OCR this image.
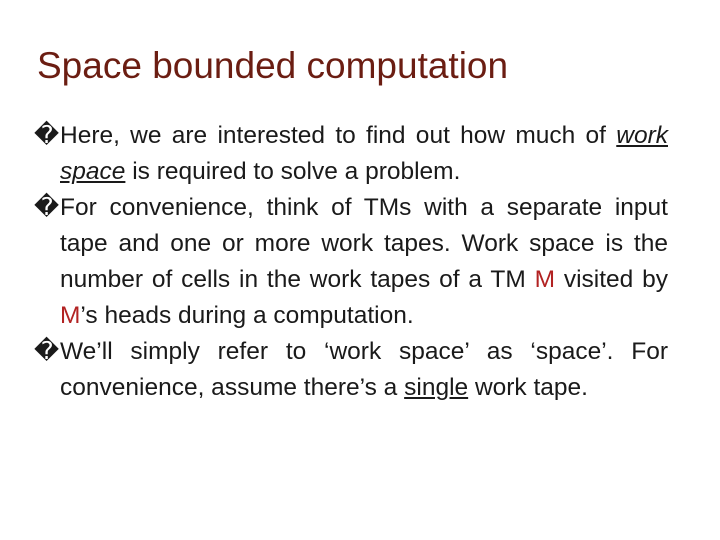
Space bounded computation
� Here, we are interested to find out how much of work space is required to solve a problem.
� For convenience, think of TMs with a separate input tape and one or more work tapes. Work space is the number of cells in the work tapes of a TM M visited by M’s heads during a computation.
� We’ll simply refer to ‘work space’ as ‘space’. For convenience, assume there’s a single work tape.
